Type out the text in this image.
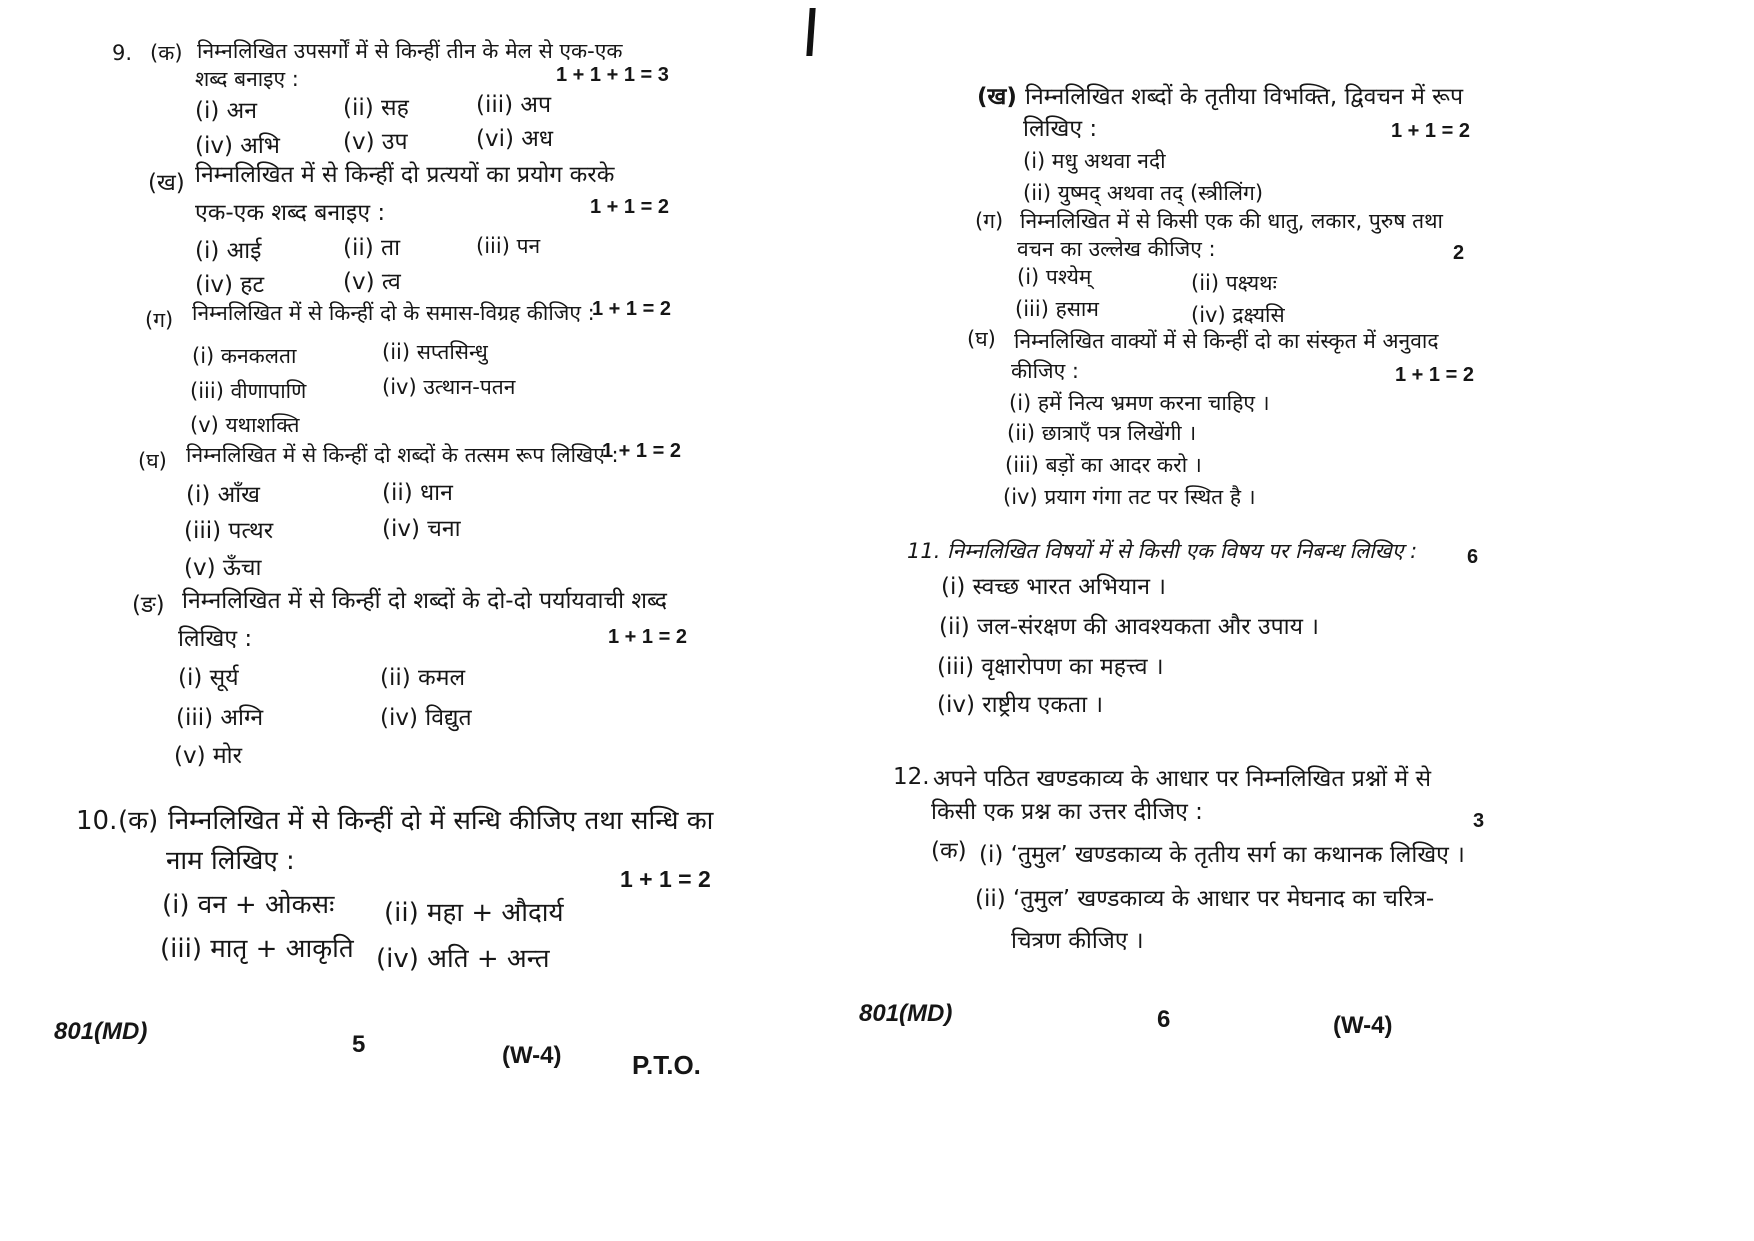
9. (क) निम्नलिखित उपसर्गों में से किन्हीं तीन के मेल से एक-एक
शब्द बनाइए :	1 + 1 + 1 = 3
(i) अन	(ii) सह	(iii) अप
(iv) अभि	(v) उप	(vi) अध
(ख) निम्नलिखित में से किन्हीं दो प्रत्ययों का प्रयोग करके
एक-एक शब्द बनाइए :	1 + 1 = 2
(i) आई	(ii) ता	(iii) पन
(iv) हट	(v) त्व
(ग) निम्नलिखित में से किन्हीं दो के समास-विग्रह कीजिए :
1 + 1 = 2
(i) कनकलता	(ii) सप्तसिन्धु
(iii) वीणापाणि	(iv) उत्थान-पतन
(v) यथाशक्ति
(घ) निम्नलिखित में से किन्हीं दो शब्दों के तत्सम रूप लिखिए :
1 + 1 = 2
(i) आँख	(ii) धान
(iii) पत्थर	(iv) चना
(v) ऊँचा
(ङ) निम्नलिखित में से किन्हीं दो शब्दों के दो-दो पर्यायवाची शब्द
लिखिए :	1 + 1 = 2
(i) सूर्य	(ii) कमल
(iii) अग्नि	(iv) विद्युत
(v) मोर
10. (क) निम्नलिखित में से किन्हीं दो में सन्धि कीजिए तथा सन्धि का
नाम लिखिए :
1 + 1 = 2
(i) वन + ओकसः (ii) महा + औदार्य
(iii) मातृ + आकृति (iv) अति + अन्त
801(MD)	5	(W-4)	P.T.O.
(ख) निम्नलिखित शब्दों के तृतीया विभक्ति, द्विवचन में रूप
लिखिए :	1 + 1 = 2
(i) मधु अथवा नदी
(ii) युष्मद् अथवा तद् (स्त्रीलिंग)
(ग) निम्नलिखित में से किसी एक की धातु, लकार, पुरुष तथा
वचन का उल्लेख कीजिए :	2
(i) पश्येम्	(ii) पक्ष्यथः
(iii) हसाम	(iv) द्रक्ष्यसि
(घ) निम्नलिखित वाक्यों में से किन्हीं दो का संस्कृत में अनुवाद
कीजिए :	1 + 1 = 2
(i) हमें नित्य भ्रमण करना चाहिए ।
(ii) छात्राएँ पत्र लिखेंगी ।
(iii) बड़ों का आदर करो ।
(iv) प्रयाग गंगा तट पर स्थित है ।
11. निम्नलिखित विषयों में से किसी एक विषय पर निबन्ध लिखिए : 6
(i) स्वच्छ भारत अभियान ।
(ii) जल-संरक्षण की आवश्यकता और उपाय ।
(iii) वृक्षारोपण का महत्त्व ।
(iv) राष्ट्रीय एकता ।
12. अपने पठित खण्डकाव्य के आधार पर निम्नलिखित प्रश्नों में से
किसी एक प्रश्न का उत्तर दीजिए :	3
(क) (i) ‘तुमुल’ खण्डकाव्य के तृतीय सर्ग का कथानक लिखिए ।
(ii) ‘तुमुल’ खण्डकाव्य के आधार पर मेघनाद का चरित्र-
चित्रण कीजिए ।
801(MD)	6	(W-4)
